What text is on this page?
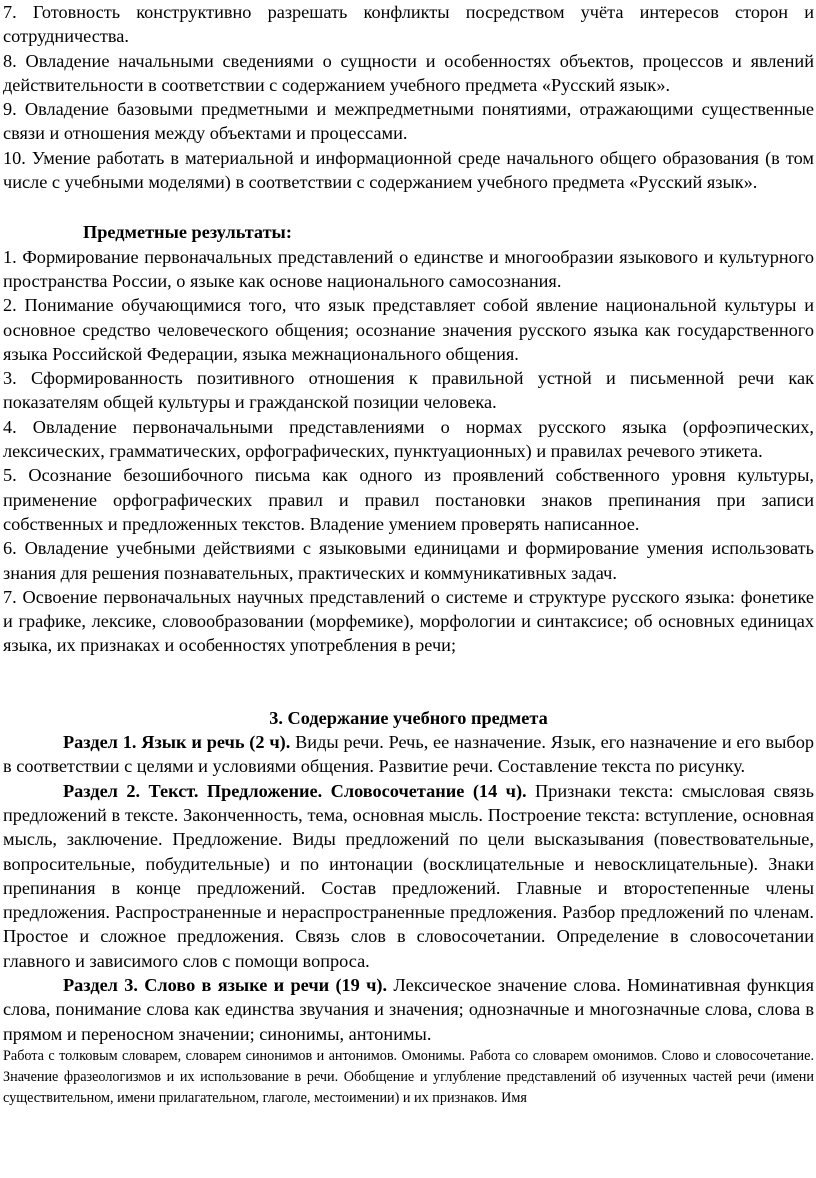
7. Готовность конструктивно разрешать конфликты посредством учёта интересов сторон и сотрудничества.

8. Овладение начальными сведениями о сущности и особенностях объектов, процессов и явлений действительности в соответствии с содержанием учебного предмета «Русский язык».

9. Овладение базовыми предметными и межпредметными понятиями, отражающими существенные связи и отношения между объектами и процессами.

10. Умение работать в материальной и информационной среде начального общего образования (в том числе с учебными моделями) в соответствии с содержанием учебного предмета «Русский язык».

Предметные результаты:

1. Формирование первоначальных представлений о единстве и многообразии языкового и культурного пространства России, о языке как основе национального самосознания.

2. Понимание обучающимися того, что язык представляет собой явление национальной культуры и основное средство человеческого общения; осознание значения русского языка как государственного языка Российской Федерации, языка межнационального общения.

3. Сформированность позитивного отношения к правильной устной и письменной речи как показателям общей культуры и гражданской позиции человека.

4. Овладение первоначальными представлениями о нормах русского языка (орфоэпических, лексических, грамматических, орфографических, пунктуационных) и правилах речевого этикета.

5. Осознание безошибочного письма как одного из проявлений собственного уровня культуры, применение орфографических правил и правил постановки знаков препинания при записи собственных и предложенных текстов. Владение умением проверять написанное.

6. Овладение учебными действиями с языковыми единицами и формирование умения использовать знания для решения познавательных, практических и коммуникативных задач.

7. Освоение первоначальных научных представлений о системе и структуре русского языка: фонетике и графике, лексике, словообразовании (морфемике), морфологии и синтаксисе; об основных единицах языка, их признаках и особенностях употребления в речи;

3. Содержание учебного предмета

Раздел 1. Язык и речь (2 ч). Виды речи. Речь, ее назначение. Язык, его назначение и его выбор в соответствии с целями и условиями общения. Развитие речи. Составление текста по рисунку.

Раздел 2. Текст. Предложение. Словосочетание (14 ч). Признаки текста: смысловая связь предложений в тексте. Законченность, тема, основная мысль. Построение текста: вступление, основная мысль, заключение. Предложение. Виды предложений по цели высказывания (повествовательные, вопросительные, побудительные) и по интонации (восклицательные и невосклицательные). Знаки препинания в конце предложений. Состав предложений. Главные и второстепенные члены предложения. Распространенные и нераспространенные предложения. Разбор предложений по членам. Простое и сложное предложения. Связь слов в словосочетании. Определение в словосочетании главного и зависимого слов с помощи вопроса.

Раздел 3. Слово в языке и речи (19 ч). Лексическое значение слова. Номинативная функция слова, понимание слова как единства звучания и значения; однозначные и многозначные слова, слова в прямом и переносном значении; синонимы, антонимы.

Работа с толковым словарем, словарем синонимов и антонимов. Омонимы. Работа со словарем омонимов. Слово и словосочетание. Значение фразеологизмов и их использование в речи. Обобщение и углубление представлений об изученных частей речи (имени существительном, имени прилагательном, глаголе, местоимении) и их признаков. Имя
